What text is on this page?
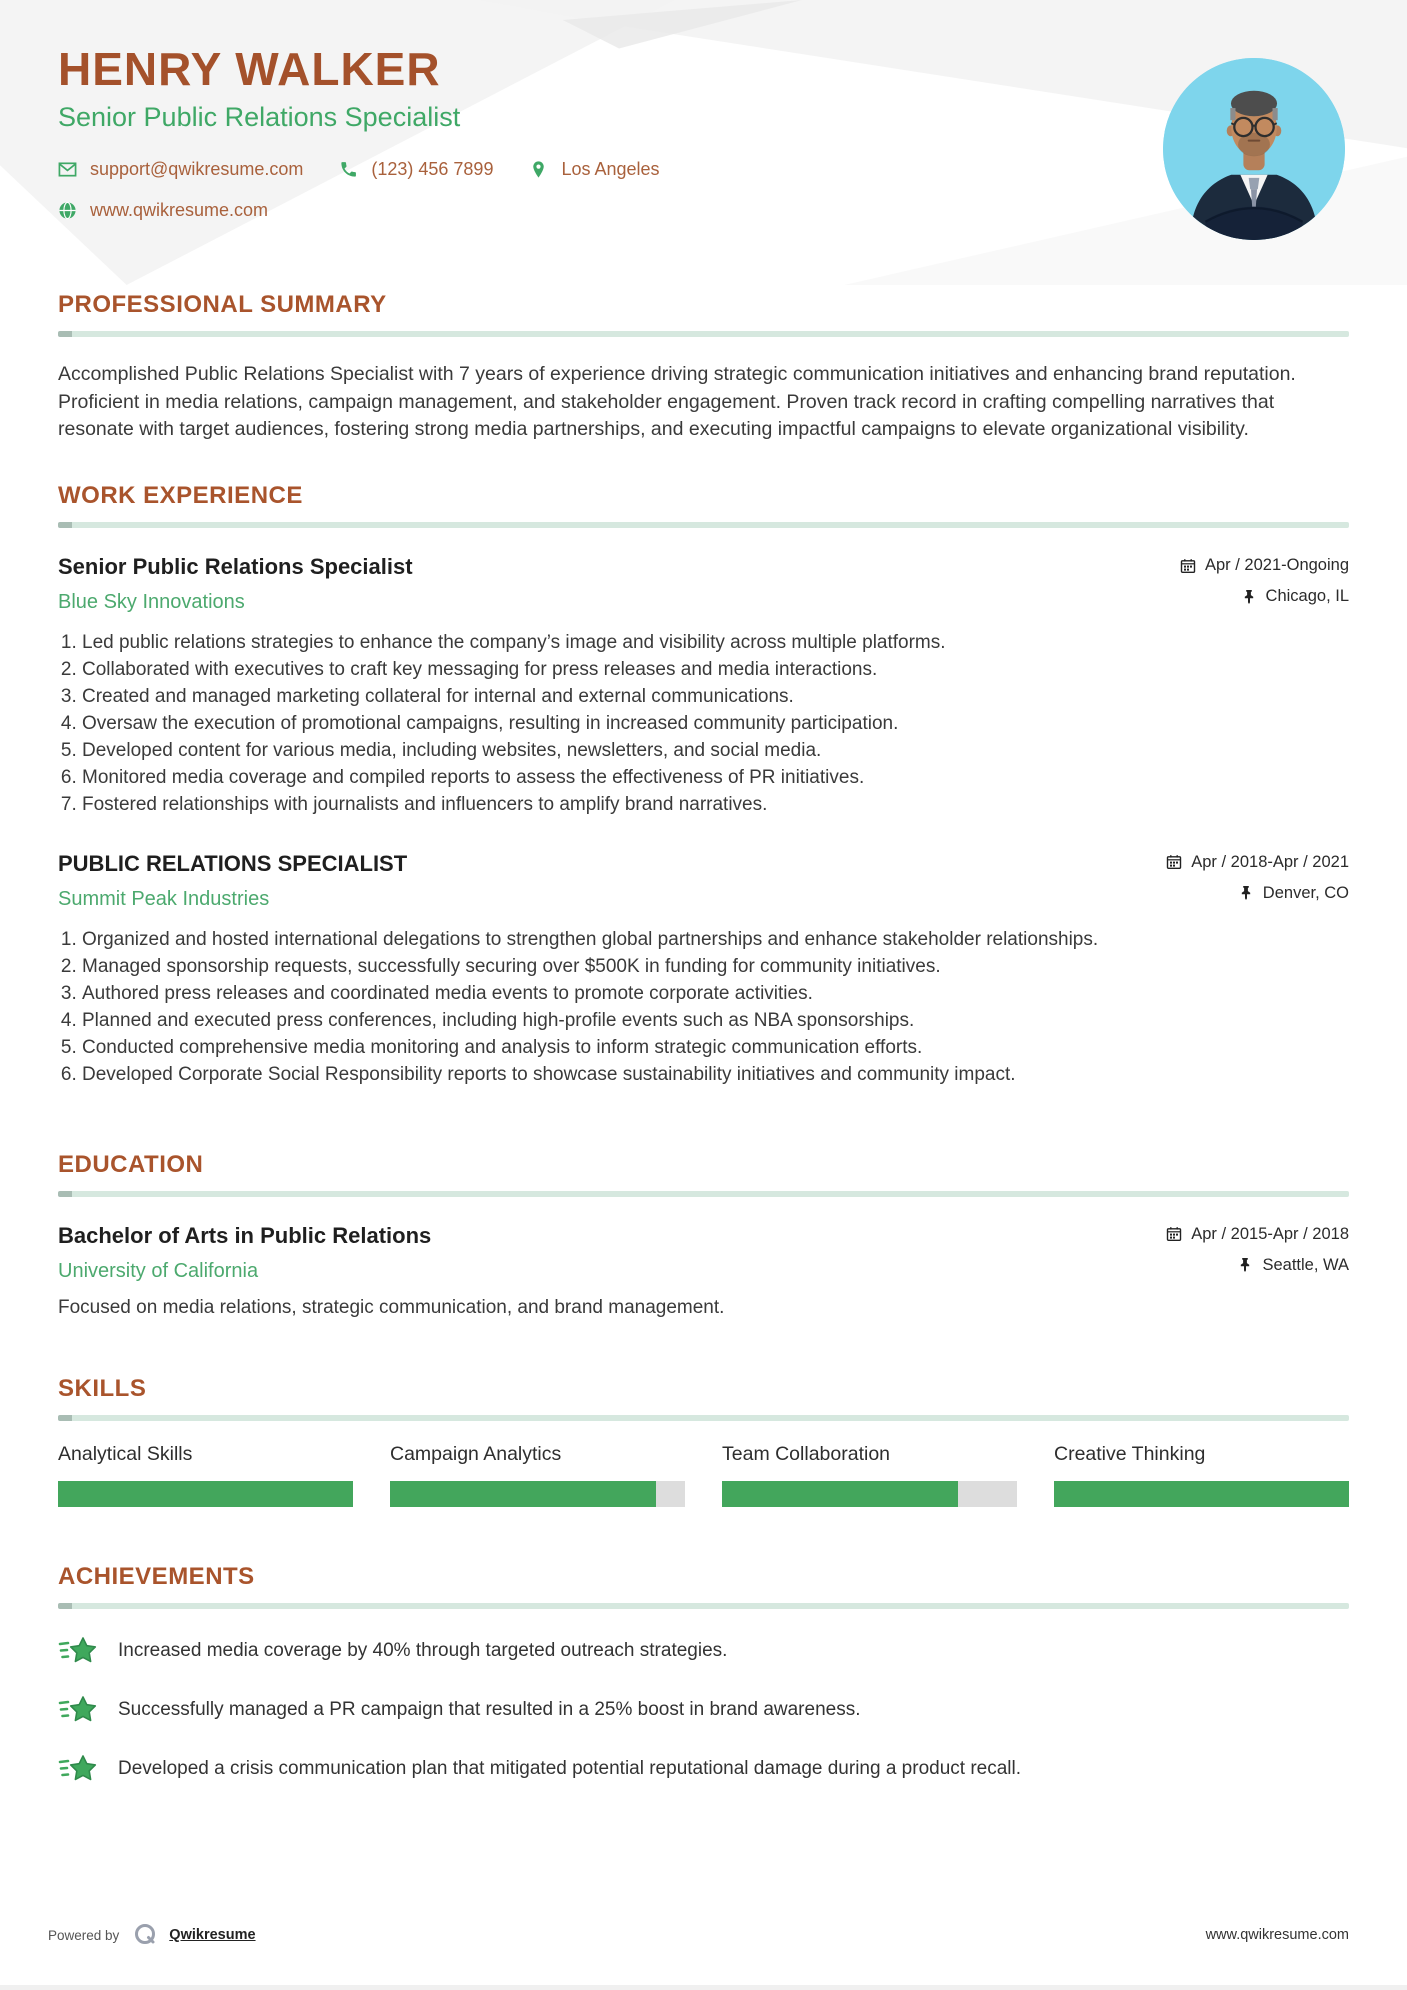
HENRY WALKER
Senior Public Relations Specialist
support@qwikresume.com	(123) 456 7899	Los Angeles
www.qwikresume.com
PROFESSIONAL SUMMARY

Accomplished Public Relations Specialist with 7 years of experience driving strategic communication initiatives and enhancing brand reputation. Proficient in media relations, campaign management, and stakeholder engagement. Proven track record in crafting compelling narratives that resonate with target audiences, fostering strong media partnerships, and executing impactful campaigns to elevate organizational visibility.

WORK EXPERIENCE
Senior Public Relations Specialist
Blue Sky Innovations
Apr / 2021-Ongoing
Chicago, IL
1. Led public relations strategies to enhance the company’s image and visibility across multiple platforms.
2. Collaborated with executives to craft key messaging for press releases and media interactions.
3. Created and managed marketing collateral for internal and external communications.
4. Oversaw the execution of promotional campaigns, resulting in increased community participation.
5. Developed content for various media, including websites, newsletters, and social media.
6. Monitored media coverage and compiled reports to assess the effectiveness of PR initiatives.
7. Fostered relationships with journalists and influencers to amplify brand narratives.
PUBLIC RELATIONS SPECIALIST
Summit Peak Industries
Apr / 2018-Apr / 2021
Denver, CO
1. Organized and hosted international delegations to strengthen global partnerships and enhance stakeholder relationships.
2. Managed sponsorship requests, successfully securing over $500K in funding for community initiatives.
3. Authored press releases and coordinated media events to promote corporate activities.
4. Planned and executed press conferences, including high-profile events such as NBA sponsorships.
5. Conducted comprehensive media monitoring and analysis to inform strategic communication efforts.
6. Developed Corporate Social Responsibility reports to showcase sustainability initiatives and community impact.
EDUCATION
Bachelor of Arts in Public Relations
University of California
Apr / 2015-Apr / 2018
Seattle, WA

Focused on media relations, strategic communication, and brand management.

SKILLS
Analytical Skills	Campaign Analytics	Team Collaboration	Creative Thinking
ACHIEVEMENTS
Increased media coverage by 40% through targeted outreach strategies.
Successfully managed a PR campaign that resulted in a 25% boost in brand awareness.
Developed a crisis communication plan that mitigated potential reputational damage during a product recall.
Powered by	Qwikresume	www.qwikresume.com
